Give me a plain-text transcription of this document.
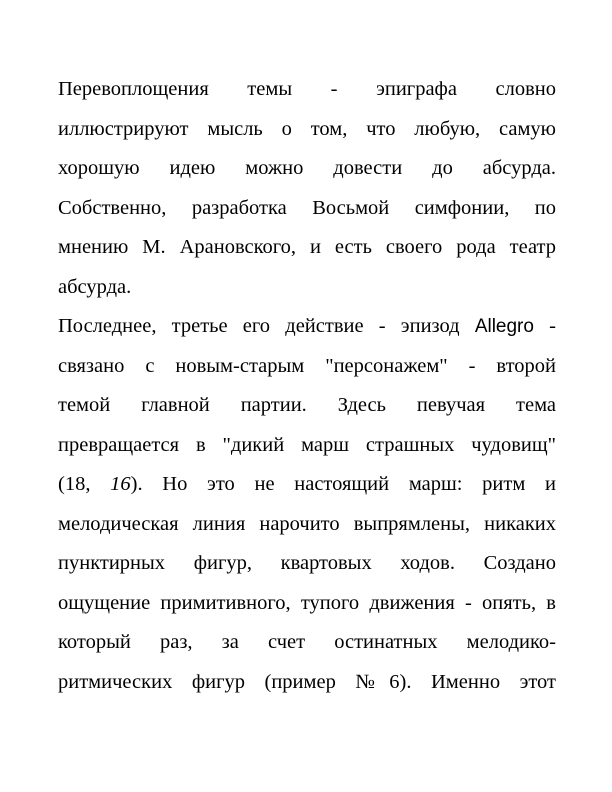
Перевоплощения темы - эпиграфа словно
иллюстрируют мысль о том, что любую, самую
хорошую идею можно довести до абсурда.
Собственно, разработка Восьмой симфонии, по
мнению М. Арановского, и есть своего рода театр
абсурда.

Последнее, третье его действие - эпизод Allegro -
связано с новым-старым "персонажем" - второй
темой главной партии. Здесь певучая тема
превращается в "дикий марш страшных чудовищ"
(18, 16). Но это не настоящий марш: ритм и
мелодическая линия нарочито выпрямлены, никаких
пунктирных фигур, квартовых ходов. Создано
ощущение примитивного, тупого движения - опять, в
который раз, за счет остинатных мелодико-
ритмических фигур (пример №6). Именно этот
